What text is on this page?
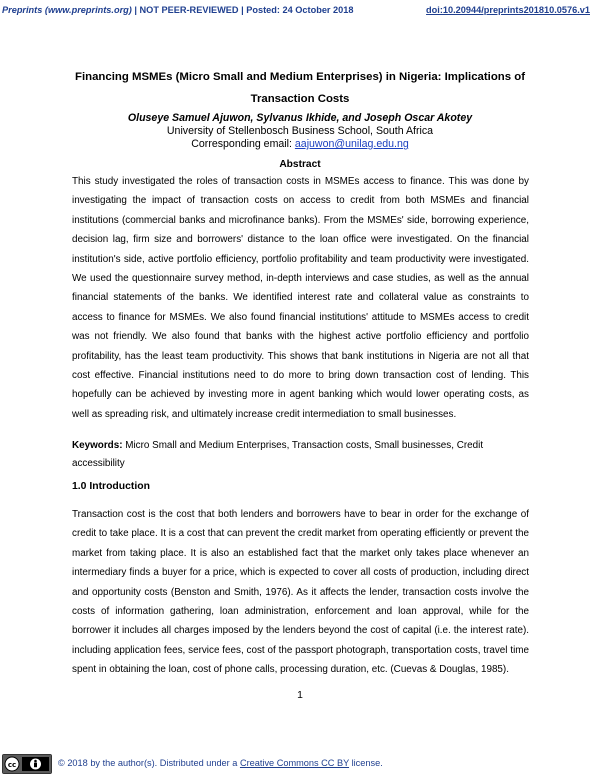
Preprints (www.preprints.org) | NOT PEER-REVIEWED | Posted: 24 October 2018	doi:10.20944/preprints201810.0576.v1
Financing MSMEs (Micro Small and Medium Enterprises) in Nigeria: Implications of Transaction Costs
Oluseye Samuel Ajuwon, Sylvanus Ikhide, and Joseph Oscar Akotey
University of Stellenbosch Business School, South Africa
Corresponding email: aajuwon@unilag.edu.ng
Abstract
This study investigated the roles of transaction costs in MSMEs access to finance. This was done by investigating the impact of transaction costs on access to credit from both MSMEs and financial institutions (commercial banks and microfinance banks). From the MSMEs' side, borrowing experience, decision lag, firm size and borrowers' distance to the loan office were investigated. On the financial institution's side, active portfolio efficiency, portfolio profitability and team productivity were investigated. We used the questionnaire survey method, in-depth interviews and case studies, as well as the annual financial statements of the banks. We identified interest rate and collateral value as constraints to access to finance for MSMEs. We also found financial institutions' attitude to MSMEs access to credit was not friendly. We also found that banks with the highest active portfolio efficiency and portfolio profitability, has the least team productivity. This shows that bank institutions in Nigeria are not all that cost effective. Financial institutions need to do more to bring down transaction cost of lending. This hopefully can be achieved by investing more in agent banking which would lower operating costs, as well as spreading risk, and ultimately increase credit intermediation to small businesses.
Keywords: Micro Small and Medium Enterprises, Transaction costs, Small businesses, Credit accessibility
1.0 Introduction
Transaction cost is the cost that both lenders and borrowers have to bear in order for the exchange of credit to take place. It is a cost that can prevent the credit market from operating efficiently or prevent the market from taking place. It is also an established fact that the market only takes place whenever an intermediary finds a buyer for a price, which is expected to cover all costs of production, including direct and opportunity costs (Benston and Smith, 1976). As it affects the lender, transaction costs involve the costs of information gathering, loan administration, enforcement and loan approval, while for the borrower it includes all charges imposed by the lenders beyond the cost of capital (i.e. the interest rate). including application fees, service fees, cost of the passport photograph, transportation costs, travel time spent in obtaining the loan, cost of phone calls, processing duration, etc. (Cuevas & Douglas, 1985).
1
cc	© 2018 by the author(s). Distributed under a Creative Commons CC BY license.
